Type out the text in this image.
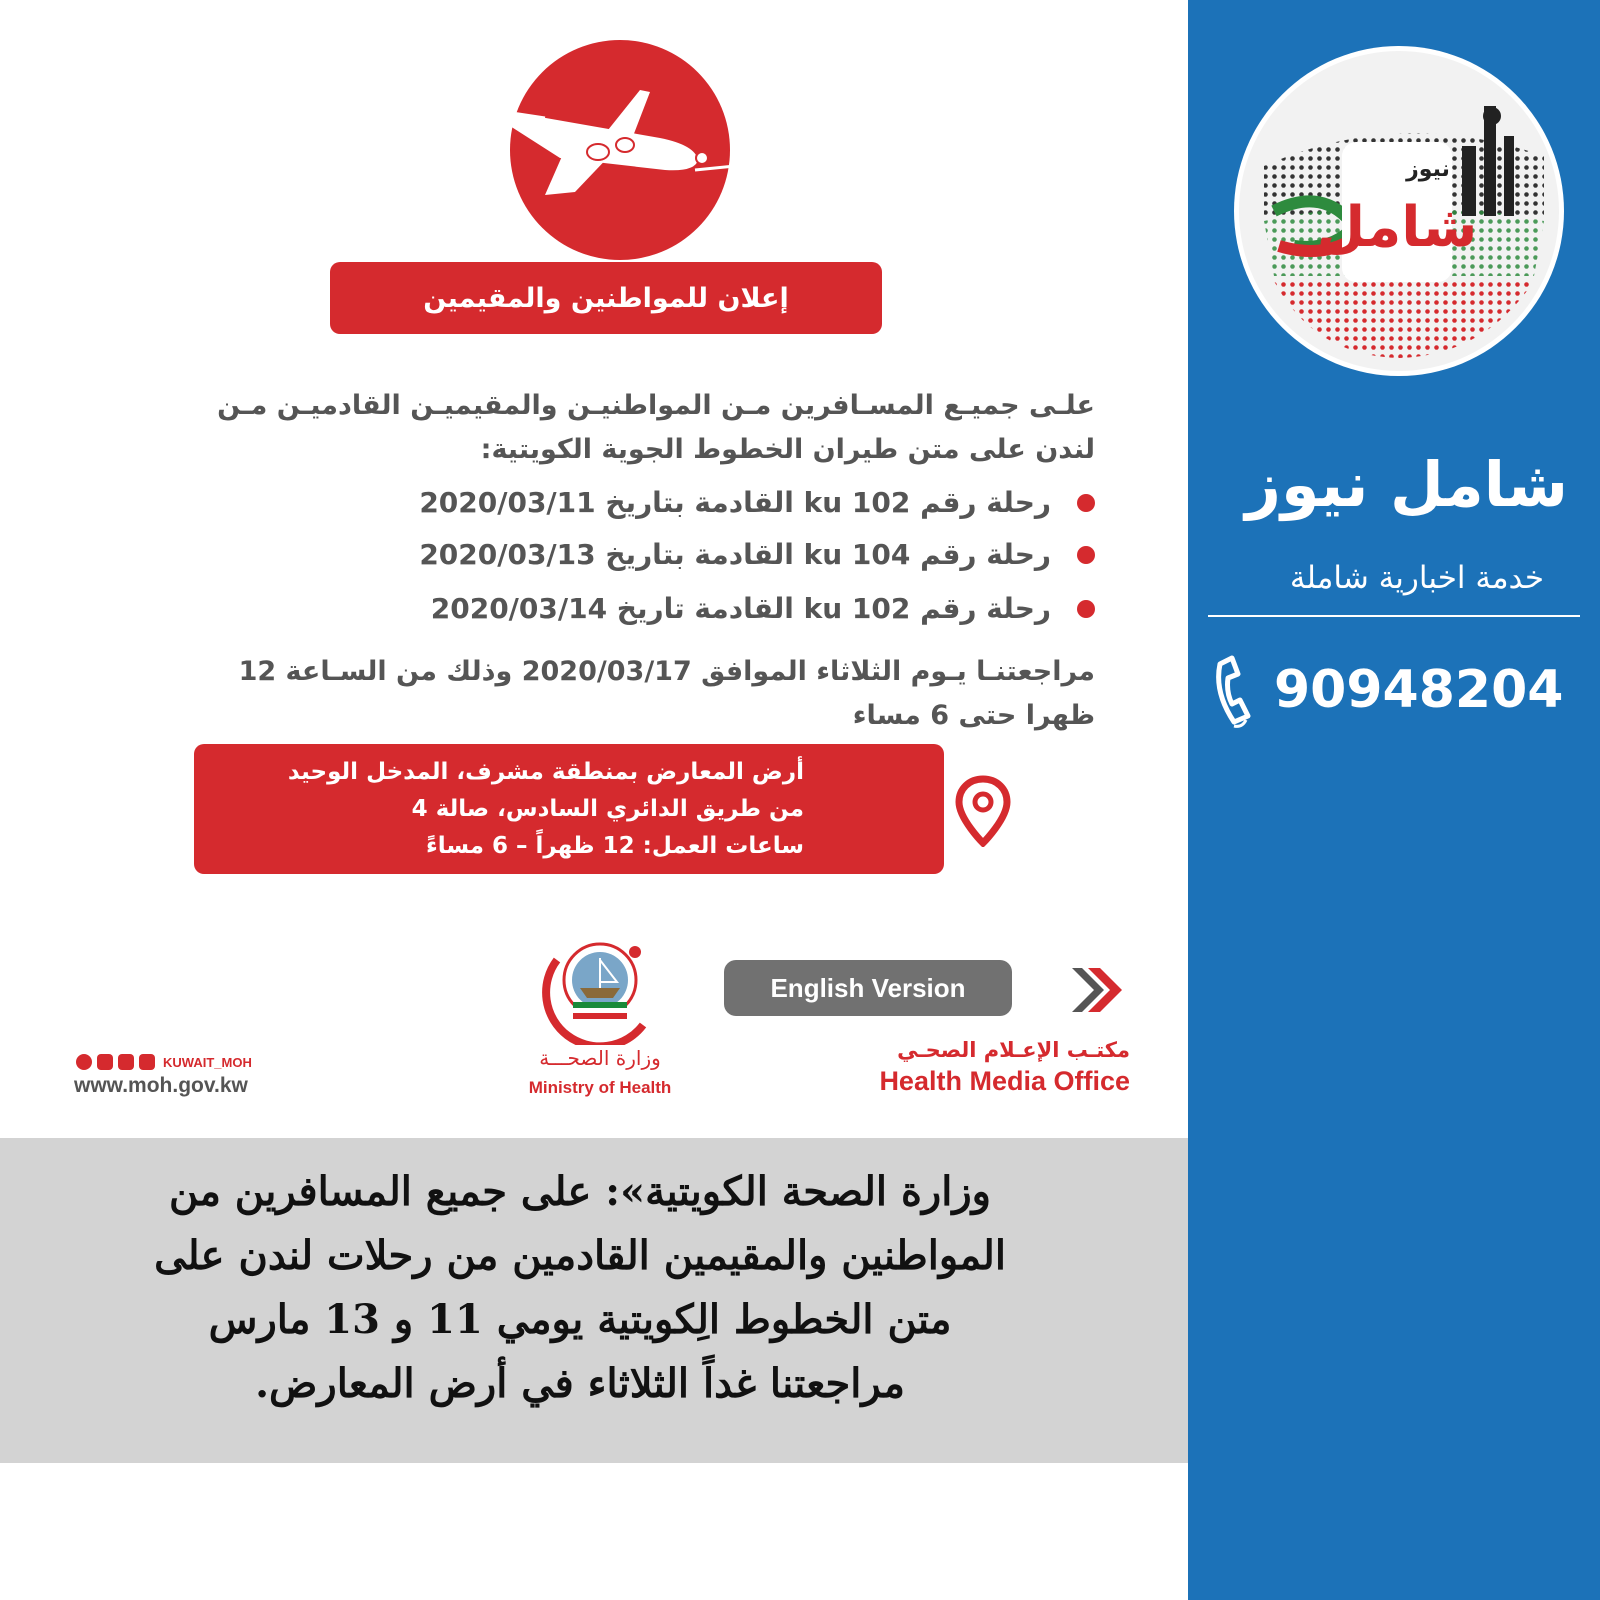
إعلان للمواطنين والمقيمين
علـى جميـع المسـافرين مـن المواطنيـن والمقيميـن القادميـن مـن
لندن على متن طيران الخطوط الجوية الكويتية:
رحلة رقم 102 ku القادمة بتاريخ 2020/03/11
رحلة رقم 104 ku القادمة بتاريخ 2020/03/13
رحلة رقم 102 ku القادمة تاريخ 2020/03/14
مراجعتنـا يـوم الثلاثاء الموافق 2020/03/17 وذلك من السـاعة 12
ظهرا حتى 6 مساء
أرض المعارض بمنطقة مشرف، المدخل الوحيد
من طريق الدائري السادس، صالة 4
ساعات العمل: 12 ظهراً – 6 مساءً
English Version
مكتـب الإعـلام الصحـي
Health Media Office
وزارة الصحـــة
Ministry of Health
KUWAIT_MOH
www.moh.gov.kw
وزارة الصحة الكويتية»: على جميع المسافرين من
المواطنين والمقيمين القادمين من رحلات لندن على
متن الخطوط الِكويتية يومي 11 و 13 مارس
مراجعتنا غداً الثلاثاء في أرض المعارض.
نيوز
شامل
شامل نيوز
خدمة اخبارية شاملة
90948204
